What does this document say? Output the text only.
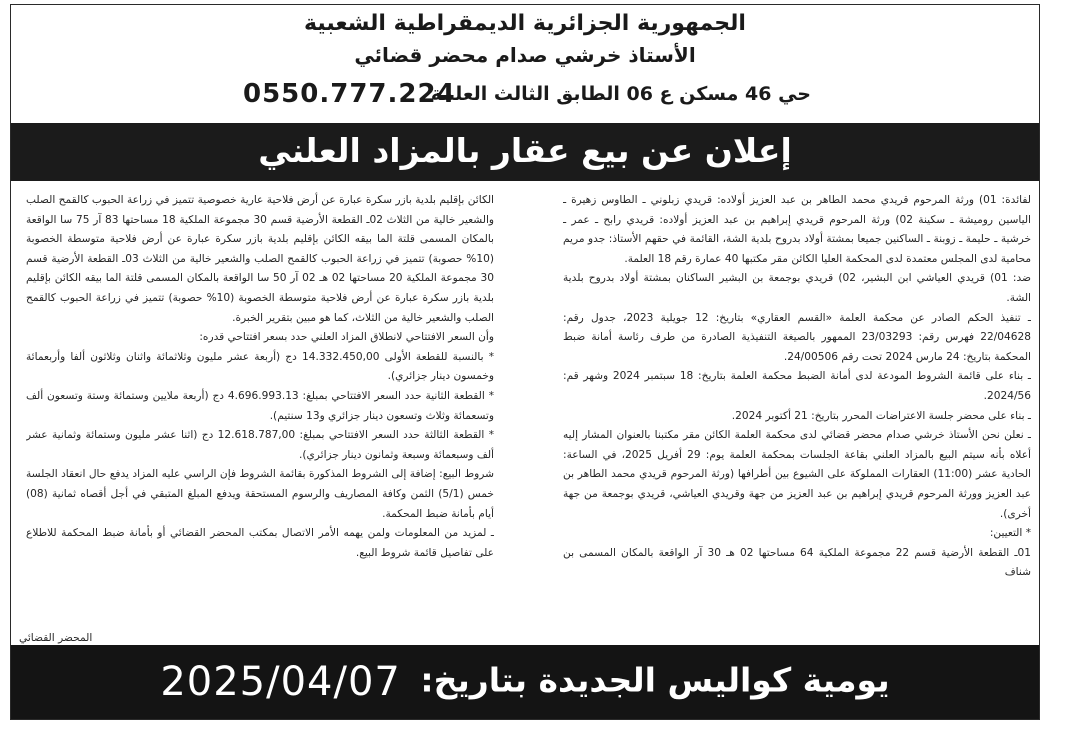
الجمهورية الجزائرية الديمقراطية الشعبية
الأستاذ خرشي صدام محضر قضائي
حي 46 مسكن ع 06 الطابق الثالث العلمة
0550.777.224
إعلان عن بيع عقار بالمزاد العلني

لفائدة: 01) ورثة المرحوم قريدي محمد الطاهر بن عبد العزيز أولاده: قريدي زبلوني ـ الطاوس زهيرة ـ الياسين روميشة ـ سكينة 02) ورثة المرحوم قريدي إبراهيم بن عبد العزيز أولاده: قريدي رابح ـ عمر ـ خرشية ـ حليمة ـ زوبنة ـ الساكنين جميعا بمشتة أولاد بدروح بلدية الشة، القائمة في حقهم الأستاذ: جدو مريم محامية لدى المجلس معتمدة لدى المحكمة العليا الكائن مقر مكتبها 40 عمارة رقم 18 العلمة.

ضد: 01) قريدي العياشي ابن البشير، 02) قريدي بوجمعة بن البشير الساكنان بمشتة أولاد بدروح بلدية الشة.

ـ تنفيذ الحكم الصادر عن محكمة العلمة «القسم العقاري» بتاريخ: 12 جويلية 2023، جدول رقم: 22/04628 فهرس رقم: 23/03293 الممهور بالصيغة التنفيذية الصادرة من طرف رئاسة أمانة ضبط المحكمة بتاريخ: 24 مارس 2024 تحت رقم 24/00506.

ـ بناء على قائمة الشروط المودعة لدى أمانة الضبط محكمة العلمة بتاريخ: 18 سبتمبر 2024 وشهر قم: 2024/56.

ـ بناء على محضر جلسة الاعتراضات المحرر بتاريخ: 21 أكتوبر 2024.

ـ نعلن نحن الأستاذ خرشي صدام محضر قضائي لدى محكمة العلمة الكائن مقر مكتبنا بالعنوان المشار إليه أعلاه بأنه سيتم البيع بالمزاد العلني بقاعة الجلسات بمحكمة العلمة يوم: 29 أفريل 2025، في الساعة: الحادية عشر (11:00) العقارات المملوكة على الشيوع بين أطرافها (ورثة المرحوم قريدي محمد الطاهر بن عبد العزيز وورثة المرحوم قريدي إبراهيم بن عبد العزيز من جهة وقريدي العياشي، قريدي بوجمعة من جهة أخرى).

* التعيين:

01ـ القطعة الأرضية قسم 22 مجموعة الملكية 64 مساحتها 02 هـ 30 آر الواقعة بالمكان المسمى بن شناف

الكائن بإقليم بلدية بازر سكرة عبارة عن أرض فلاحية عارية خصوصية تتميز في زراعة الحبوب كالقمح الصلب والشعير خالية من الثلاث 02ـ القطعة الأرضية قسم 30 مجموعة الملكية 18 مساحتها 83 آر 75 سا الواقعة بالمكان المسمى قلتة الما بيقه الكائن بإقليم بلدية بازر سكرة عبارة عن أرض فلاحية متوسطة الخصوبة (10% حصوبة) تتميز في زراعة الحبوب كالقمح الصلب والشعير خالية من الثلاث 03ـ القطعة الأرضية قسم 30 مجموعة الملكية 20 مساحتها 02 هـ 02 آر 50 سا الواقعة بالمكان المسمى قلتة الما بيقه الكائن بإقليم بلدية بازر سكرة عبارة عن أرض فلاحية متوسطة الخصوبة (10% حصوبة) تتميز في زراعة الحبوب كالقمح الصلب والشعير خالية من الثلاث، كما هو مبين بتقرير الخبرة.

وأن السعر الافتتاحي لانطلاق المزاد العلني حدد بسعر افتتاحي قدره:

* بالنسبة للقطعة الأولى 14.332.450,00 دج (أربعة عشر مليون وثلاثمائة واثنان وثلاثون ألفا وأربعمائة وخمسون دينار جزائري).

* القطعة الثانية حدد السعر الافتتاحي بمبلغ: 4.696.993.13 دج (أربعة ملايين وستمائة وستة وتسعون ألف وتسعمائة وثلاث وتسعون دينار جزائري و13 سنتيم).

* القطعة الثالثة حدد السعر الافتتاحي بمبلغ: 12.618.787,00 دج (اثنا عشر مليون وستمائة وثمانية عشر ألف وسبعمائة وسبعة وثمانون دينار جزائري).

شروط البيع: إضافة إلى الشروط المذكورة بقائمة الشروط فإن الراسي عليه المزاد يدفع حال انعقاد الجلسة خمس (5/1) الثمن وكافة المصاريف والرسوم المستحقة ويدفع المبلغ المتبقي في أجل أقصاه ثمانية (08) أيام بأمانة ضبط المحكمة.

ـ لمزيد من المعلومات ولمن يهمه الأمر الاتصال بمكتب المحضر القضائي أو بأمانة ضبط المحكمة للاطلاع على تفاصيل قائمة شروط البيع.

المحضر القضائي
يومية كواليس الجديدة بتاريخ: 2025/04/07
